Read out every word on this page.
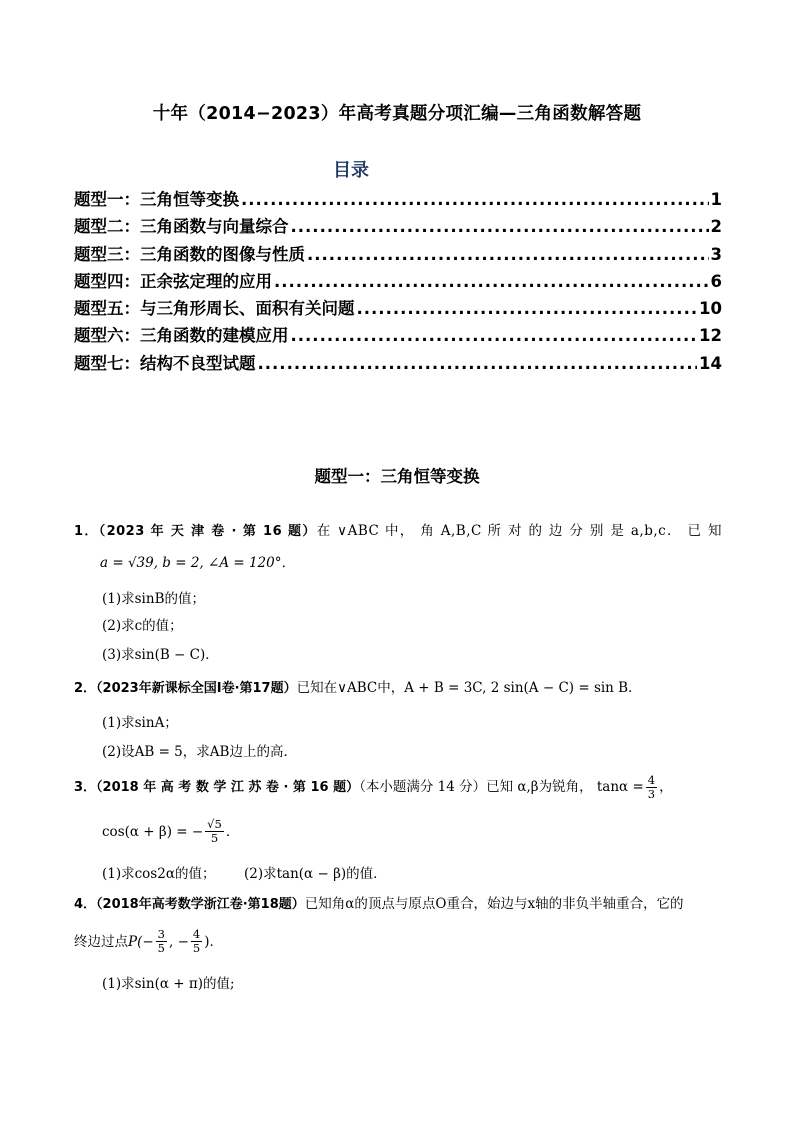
十年（2014−2023）年高考真题分项汇编—三角函数解答题
目录
题型一：三角恒等变换 .....	1
题型二：三角函数与向量综合 .....	2
题型三：三角函数的图像与性质 .....	3
题型四：正余弦定理的应用 .....	6
题型五：与三角形周长、面积有关问题 .....	10
题型六：三角函数的建模应用 .....	12
题型七：结构不良型试题 .....	14
题型一：三角恒等变换
1．（2023 年 天 津 卷 · 第 16 题）在 ∨ABC 中， 角 A,B,C 所 对 的 边 分 别 是 a,b,c． 已 知
a = √39, b = 2, ∠A = 120°．
(1)求sinB的值；
(2)求c的值；
(3)求sin(B − C)．
2．（2023年新课标全国Ⅰ卷·第17题）已知在∨ABC中，A + B = 3C, 2 sin(A − C) = sin B．
(1)求sinA；
(2)设AB = 5，求AB边上的高．
3．（2018 年 高 考 数 学 江 苏 卷 · 第 16 题）（本小题满分 14 分）已知 α,β为锐角， $\tan\alpha = \frac{4}{3}$ ，
cos(α + β) = − $\frac{√5}{5}$ ．
(1)求cos2α的值； (2)求tan(α − β)的值．
4．（2018年高考数学浙江卷·第18题）已知角α的顶点与原点O重合，始边与x轴的非负半轴重合，它的
终边过点 $P(- \frac{3}{5}$ , − $\frac{4}{5}$ )．
(1)求sin(α + π)的值;
